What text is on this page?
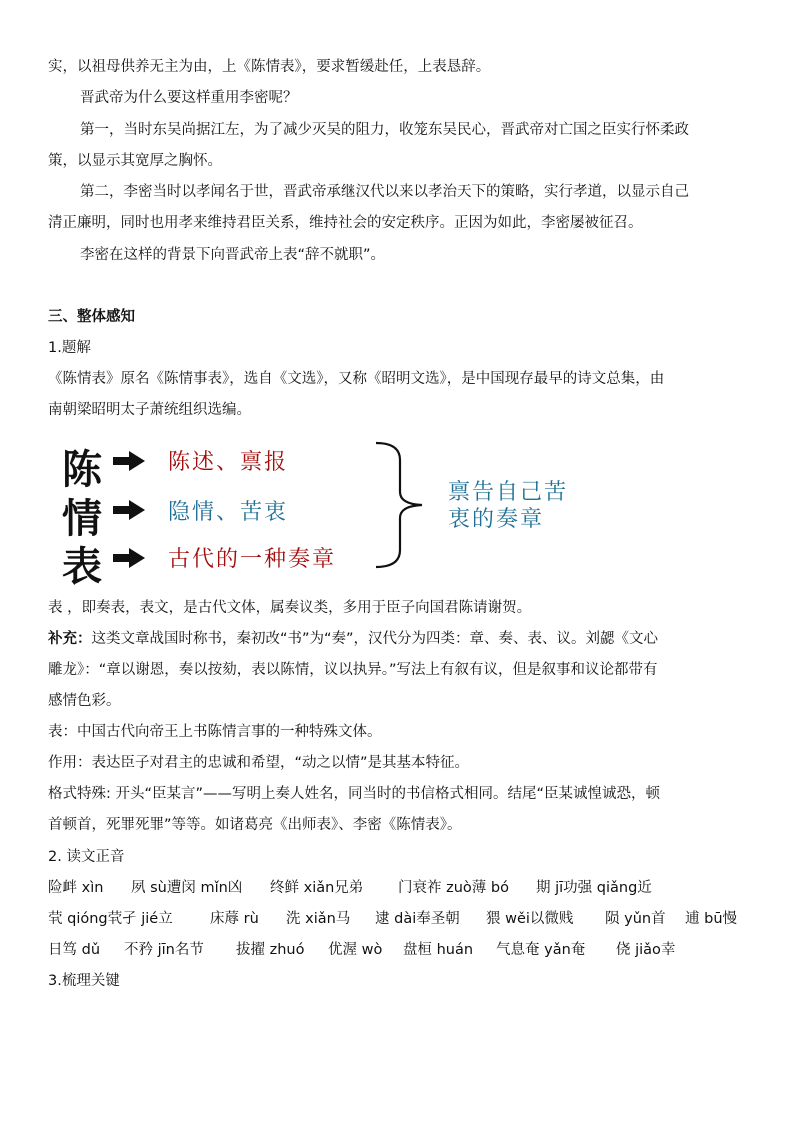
实，以祖母供养无主为由，上《陈情表》，要求暂缓赴任，上表恳辞。
晋武帝为什么要这样重用李密呢？
第一，当时东吴尚据江左，为了减少灭吴的阻力，收笼东吴民心，晋武帝对亡国之臣实行怀柔政
策，以显示其宽厚之胸怀。
第二，李密当时以孝闻名于世，晋武帝承继汉代以来以孝治天下的策略，实行孝道，以显示自己
清正廉明，同时也用孝来维持君臣关系，维持社会的安定秩序。正因为如此，李密屡被征召。
李密在这样的背景下向晋武帝上表“辞不就职”。
三、整体感知
1.题解
《陈情表》原名《陈情事表》，选自《文选》，又称《昭明文选》，是中国现存最早的诗文总集，由
南朝梁昭明太子萧统组织选编。
陈	陈述、禀报
情	隐情、苦衷
表	古代的一种奏章
禀告自己苦
衷的奏章
表 ，即奏表，表文，是古代文体，属奏议类，多用于臣子向国君陈请谢贺。
补充：这类文章战国时称书，秦初改“书”为“奏”，汉代分为四类：章、奏、表、议。刘勰《文心
雕龙》：“章以谢恩，奏以按劾，表以陈情，议以执异。”写法上有叙有议，但是叙事和议论都带有
感情色彩。
表：中国古代向帝王上书陈情言事的一种特殊文体。
作用：表达臣子对君主的忠诚和希望，“动之以情”是其基本特征。
格式特殊: 开头“臣某言”——写明上奏人姓名，同当时的书信格式相同。结尾“臣某诚惶诚恐，顿
首顿首，死罪死罪”等等。如诸葛亮《出师表》、李密《陈情表》。
2. 读文正音
险衅 xìn 夙 sù遭闵 mǐn凶 终鲜 xiǎn兄弟 门衰祚 zuò薄 bó 期 jī功强 qiǎng近
茕 qióng茕孑 jié立	床蓐 rù 洗 xiǎn马 逮 dài奉圣朝 猥 wěi以微贱 陨 yǔn首 逋 bū慢
日笃 dǔ 不矜 jīn名节 拔擢 zhuó 优渥 wò 盘桓 huán 气息奄 yǎn奄 侥 jiǎo幸
3.梳理关键
